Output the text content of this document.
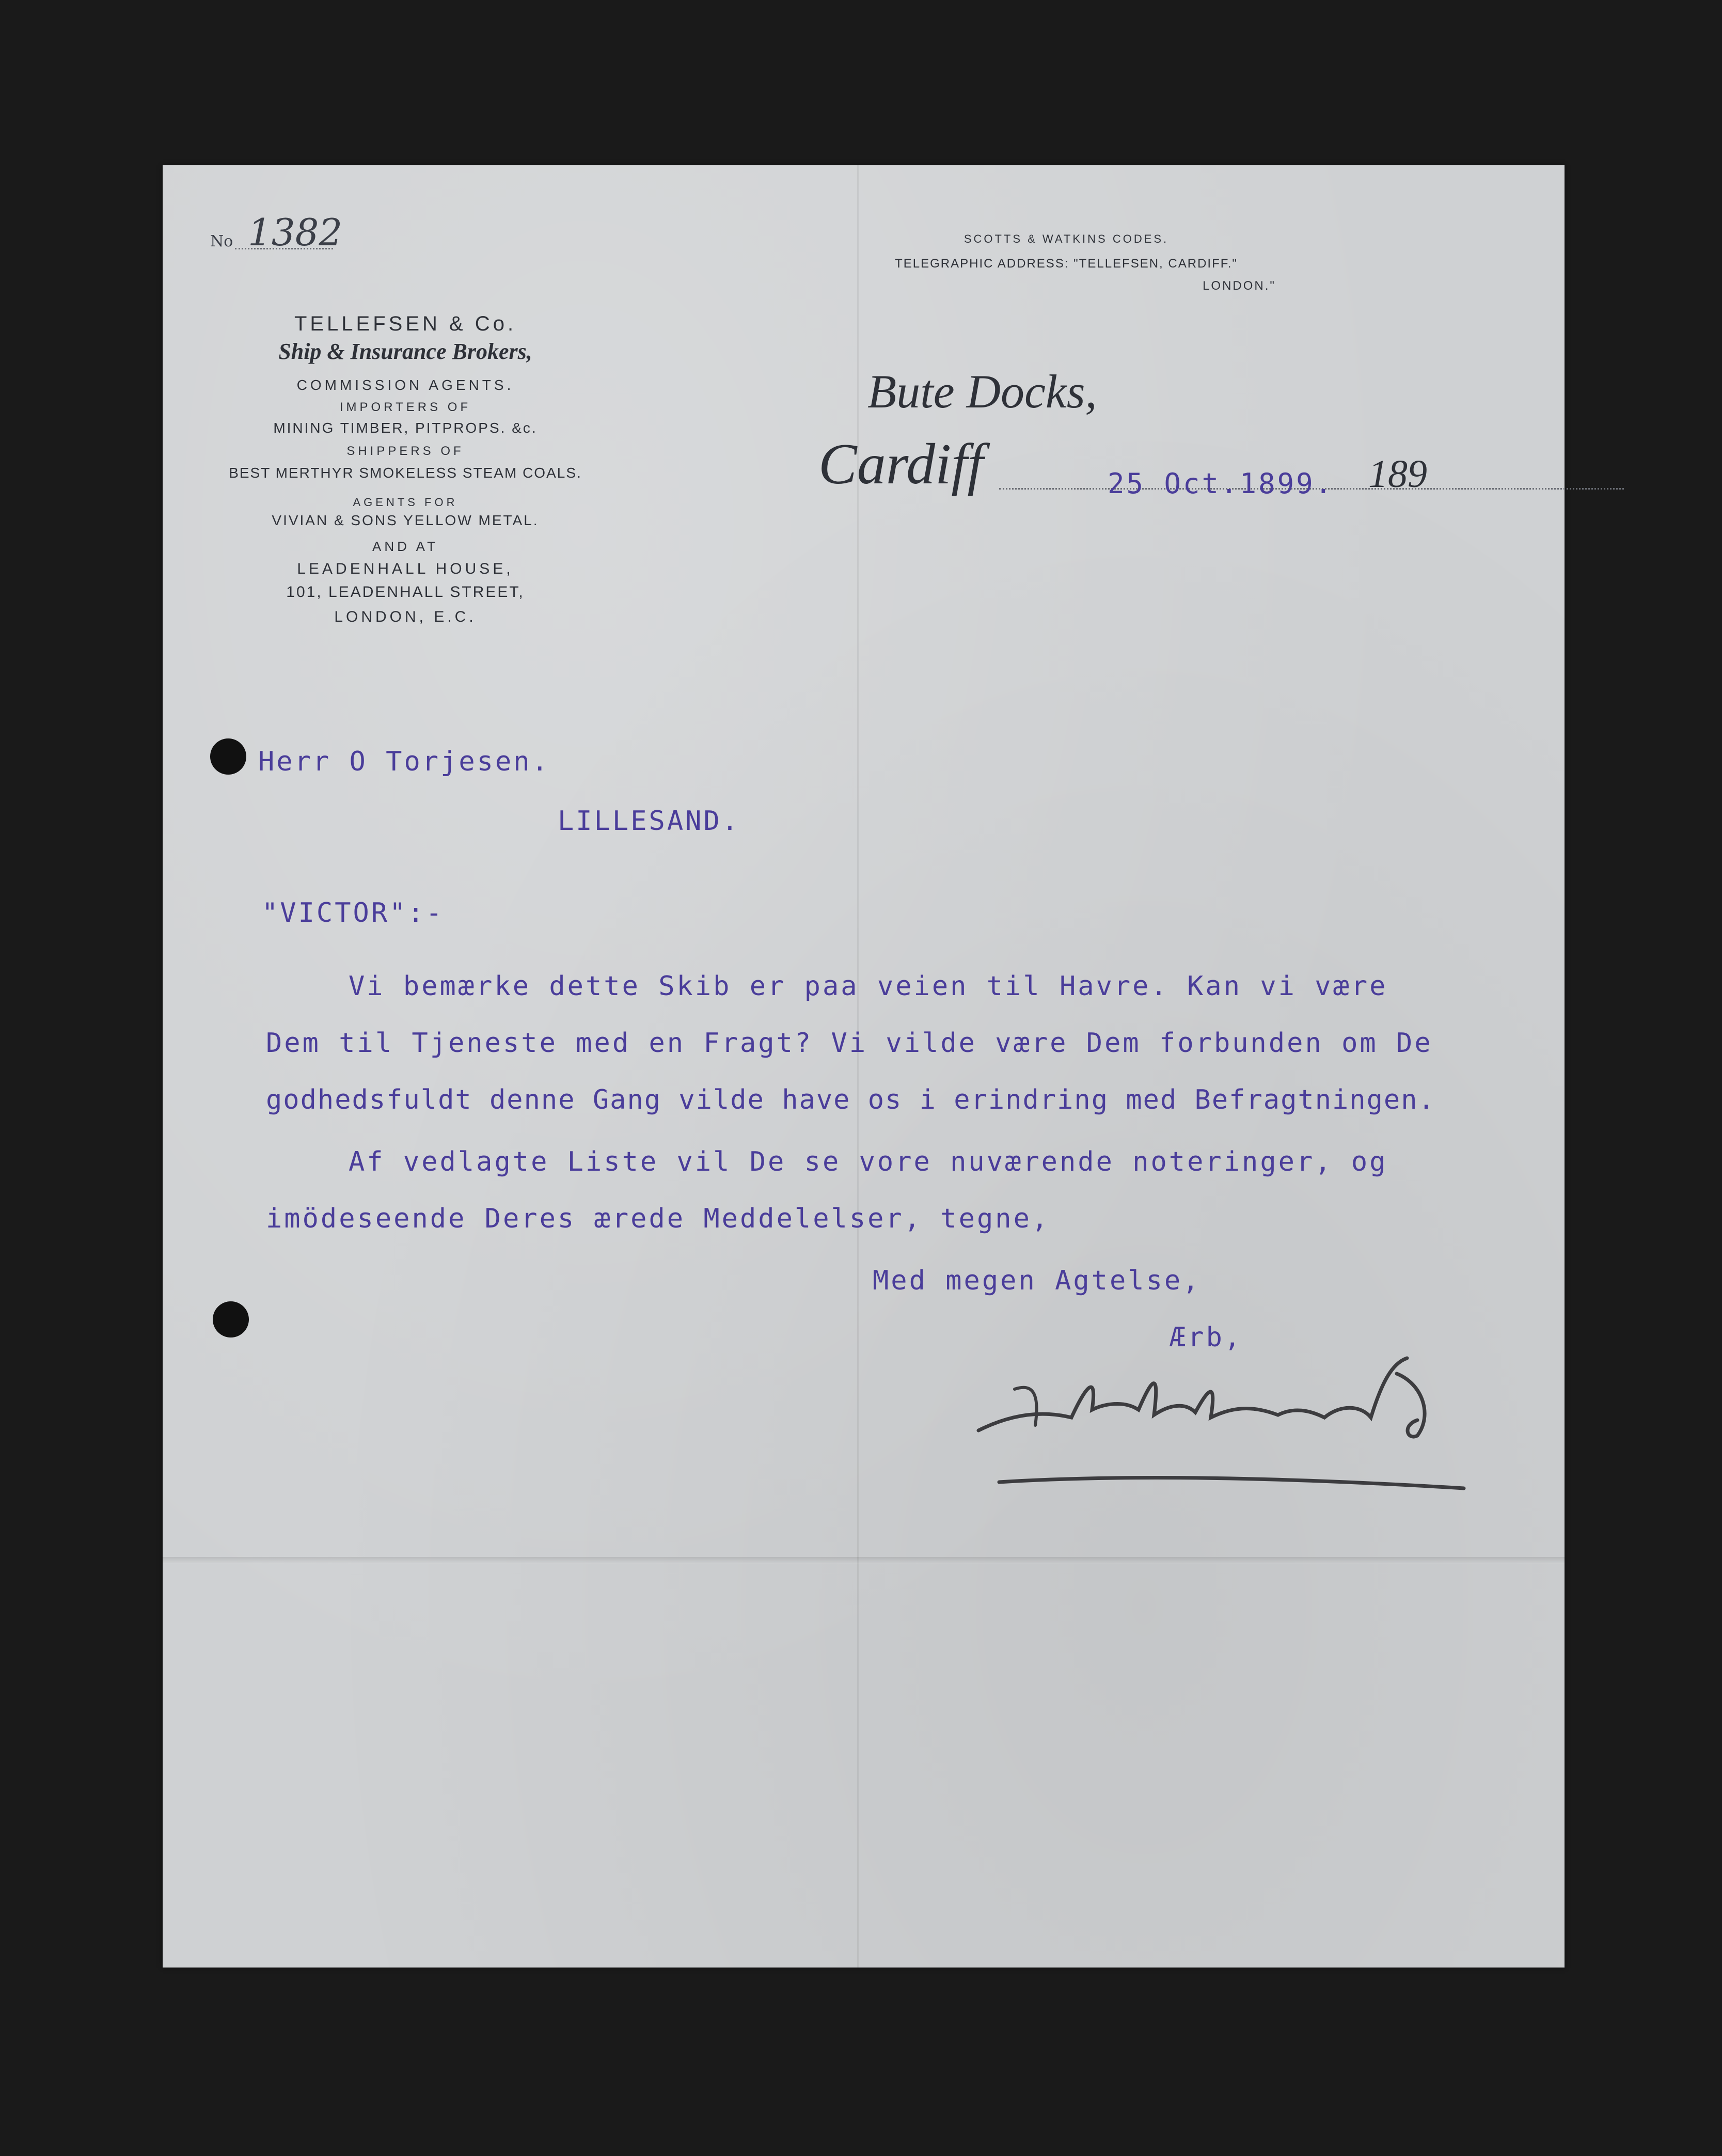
No 1382
TELLEFSEN & Co.
Ship & Insurance Brokers,
COMMISSION AGENTS.
IMPORTERS OF
MINING TIMBER, PITPROPS. &c.
SHIPPERS OF
BEST MERTHYR SMOKELESS STEAM COALS.
AGENTS FOR
VIVIAN & SONS YELLOW METAL.
AND AT
LEADENHALL HOUSE,
101, LEADENHALL STREET,
LONDON, E.C.
SCOTTS & WATKINS CODES.
TELEGRAPHIC ADDRESS: "TELLEFSEN, CARDIFF."
LONDON."
Bute Docks,
Cardiff	25 Oct.1899. 189
Herr O Torjesen.
LILLESAND.
"VICTOR":-
Vi bemærke dette Skib er paa veien til Havre. Kan vi være
Dem til Tjeneste med en Fragt? Vi vilde være Dem forbunden om De
godhedsfuldt denne Gang vilde have os i erindring med Befragtningen.
Af vedlagte Liste vil De se vore nuværende noteringer, og
imödeseende Deres ærede Meddelelser, tegne,
Med megen Agtelse,
Ærb,
